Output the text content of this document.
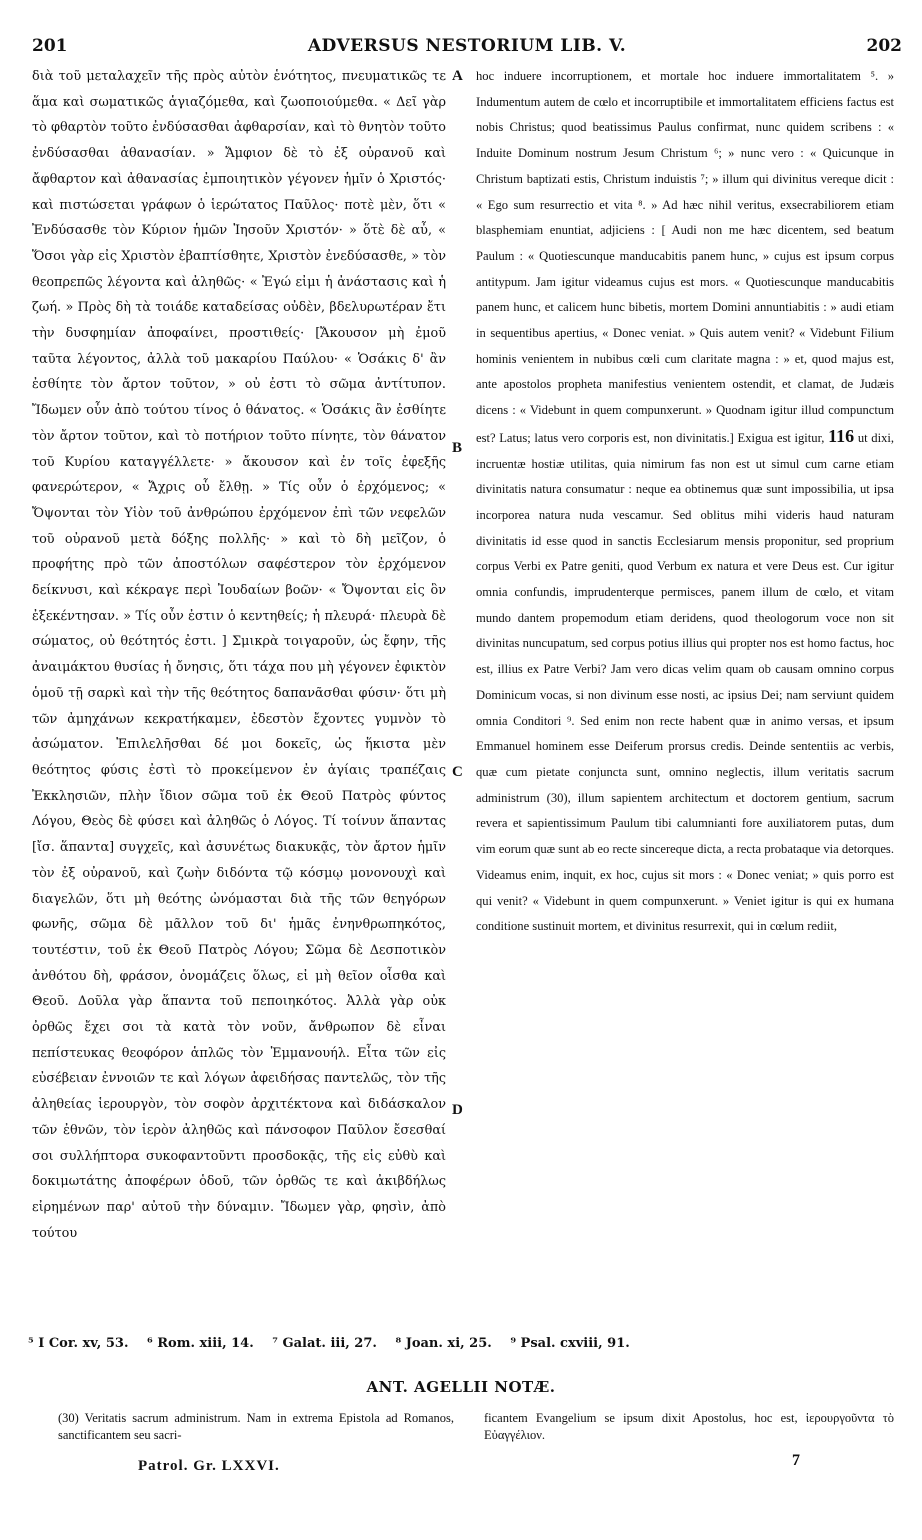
201	ADVERSUS NESTORIUM LIB. V.	202

διὰ τοῦ μεταλαχεῖν τῆς πρὸς αὐτὸν ἑνότητος, πνευματικῶς τε ἅμα καὶ σωματικῶς ἁγιαζόμεθα, καὶ ζωοποιούμεθα. « Δεῖ γὰρ τὸ φθαρτὸν τοῦτο ἐνδύσασθαι ἀφθαρσίαν, καὶ τὸ θνητὸν τοῦτο ἐνδύσασθαι ἀθανασίαν. » Ἄμφιον δὲ τὸ ἐξ οὐρανοῦ καὶ ἄφθαρτον καὶ ἀθανασίας ἐμποιητικὸν γέγονεν ἡμῖν ὁ Χριστός· καὶ πιστώσεται γράφων ὁ ἱερώτατος Παῦλος· ποτὲ μὲν, ὅτι « Ἐνδύσασθε τὸν Κύριον ἡμῶν Ἰησοῦν Χριστόν· » ὅτὲ δὲ αὖ, « Ὅσοι γὰρ εἰς Χριστὸν ἐβαπτίσθητε, Χριστὸν ἐνεδύσασθε, » τὸν θεοπρεπῶς λέγοντα καὶ ἀληθῶς· « Ἐγώ εἰμι ἡ ἀνάστασις καὶ ἡ ζωή. » Πρὸς δὴ τὰ τοιάδε καταδείσας οὐδὲν, βδελυρωτέραν ἔτι τὴν δυσφημίαν ἀποφαίνει, προστιθείς· [Ἄκουσον μὴ ἐμοῦ ταῦτα λέγοντος, ἀλλὰ τοῦ μακαρίου Παύλου· « Ὁσάκις δ' ἂν ἐσθίητε τὸν ἄρτον τοῦτον, » οὐ ἐστι τὸ σῶμα ἀντίτυπον. Ἴδωμεν οὖν ἀπὸ τούτου τίνος ὁ θάνατος. « Ὁσάκις ἂν ἐσθίητε τὸν ἄρτον τοῦτον, καὶ τὸ ποτήριον τοῦτο πίνητε, τὸν θάνατον τοῦ Κυρίου καταγγέλλετε· » ἄκουσον καὶ ἐν τοῖς ἐφεξῆς φανερώτερον, « Ἄχρις οὗ ἔλθῃ. » Τίς οὖν ὁ ἐρχόμενος; « Ὄψονται τὸν Υἱὸν τοῦ ἀνθρώπου ἐρχόμενον ἐπὶ τῶν νεφελῶν τοῦ οὐρανοῦ μετὰ δόξης πολλῆς· » καὶ τὸ δὴ μεῖζον, ὁ προφήτης πρὸ τῶν ἀποστόλων σαφέστερον τὸν ἐρχόμενον δείκνυσι, καὶ κέκραγε περὶ Ἰουδαίων βοῶν· « Ὄψονται εἰς ὃν ἐξεκέντησαν. » Τίς οὖν ἐστιν ὁ κεντηθείς; ἡ πλευρά· πλευρὰ δὲ σώματος, οὐ θεότητός ἐστι. ] Σμικρὰ τοιγαροῦν, ὡς ἔφην, τῆς ἀναιμάκτου θυσίας ἡ ὄνησις, ὅτι τάχα που μὴ γέγονεν ἐφικτὸν ὁμοῦ τῇ σαρκὶ καὶ τὴν τῆς θεότητος δαπανᾶσθαι φύσιν· ὅτι μὴ τῶν ἀμηχάνων κεκρατήκαμεν, ἐδεστὸν ἔχοντες γυμνὸν τὸ ἀσώματον. Ἐπιλελῆσθαι δέ μοι δοκεῖς, ὡς ἥκιστα μὲν θεότητος φύσις ἐστὶ τὸ προκείμενον ἐν ἁγίαις τραπέζαις Ἐκκλησιῶν, πλὴν ἴδιον σῶμα τοῦ ἐκ Θεοῦ Πατρὸς φύντος Λόγου, Θεὸς δὲ φύσει καὶ ἀληθῶς ὁ Λόγος. Τί τοίνυν ἅπαντας [ἴσ. ἅπαντα] συγχεῖς, καὶ ἀσυνέτως διακυκᾷς, τὸν ἄρτον ἡμῖν τὸν ἐξ οὐρανοῦ, καὶ ζωὴν διδόντα τῷ κόσμῳ μονονουχὶ καὶ διαγελῶν, ὅτι μὴ θεότης ὠνόμασται διὰ τῆς τῶν θεηγόρων φωνῆς, σῶμα δὲ μᾶλλον τοῦ δι' ἡμᾶς ἐνηνθρωπηκότος, τουτέστιν, τοῦ ἐκ Θεοῦ Πατρὸς Λόγου; Σῶμα δὲ Δεσποτικὸν ἀνθότου δὴ, φράσον, ὀνομάζεις ὅλως, εἰ μὴ θεῖον οἶσθα καὶ Θεοῦ. Δοῦλα γὰρ ἅπαντα τοῦ πεποιηκότος. Ἀλλὰ γὰρ οὐκ ὀρθῶς ἔχει σοι τὰ κατὰ τὸν νοῦν, ἄνθρωπον δὲ εἶναι πεπίστευκας θεοφόρον ἁπλῶς τὸν Ἐμμανουήλ. Εἶτα τῶν εἰς εὐσέβειαν ἐννοιῶν τε καὶ λόγων ἀφειδήσας παντελῶς, τὸν τῆς ἀληθείας ἱερουργὸν, τὸν σοφὸν ἀρχιτέκτονα καὶ διδάσκαλον τῶν ἐθνῶν, τὸν ἱερὸν ἀληθῶς καὶ πάνσοφον Παῦλον ἔσεσθαί σοι συλλήπτορα συκοφαντοῦντι προσδοκᾷς, τῆς εἰς εὐθὺ καὶ δοκιμωτάτης ἀποφέρων ὁδοῦ, τῶν ὀρθῶς τε καὶ ἀκιβδήλως εἰρημένων παρ' αὐτοῦ τὴν δύναμιν. Ἴδωμεν γὰρ, φησὶν, ἀπὸ τούτου

A
B
C
D

hoc induere incorruptionem, et mortale hoc induere immortalitatem ⁵. » Indumentum autem de cœlo et incorruptibile et immortalitatem efficiens factus est nobis Christus; quod beatissimus Paulus confirmat, nunc quidem scribens : « Induite Dominum nostrum Jesum Christum ⁶; » nunc vero : « Quicunque in Christum baptizati estis, Christum induistis ⁷; » illum qui divinitus vereque dicit : « Ego sum resurrectio et vita ⁸. » Ad hæc nihil veritus, exsecrabiliorem etiam blasphemiam enuntiat, adjiciens : [ Audi non me hæc dicentem, sed beatum Paulum : « Quotiescunque manducabitis panem hunc, » cujus est ipsum corpus antitypum. Jam igitur videamus cujus est mors. « Quotiescunque manducabitis panem hunc, et calicem hunc bibetis, mortem Domini annuntiabitis : » audi etiam in sequentibus apertius, « Donec veniat. » Quis autem venit? « Videbunt Filium hominis venientem in nubibus cœli cum claritate magna : » et, quod majus est, ante apostolos propheta manifestius venientem ostendit, et clamat, de Judæis dicens : « Videbunt in quem compunxerunt. » Quodnam igitur illud compunctum est? Latus; latus vero corporis est, non divinitatis.] Exigua est igitur, 116 ut dixi, incruentæ hostiæ utilitas, quia nimirum fas non est ut simul cum carne etiam divinitatis natura consumatur : neque ea obtinemus quæ sunt impossibilia, ut ipsa incorporea natura nuda vescamur. Sed oblitus mihi videris haud naturam divinitatis id esse quod in sanctis Ecclesiarum mensis proponitur, sed proprium corpus Verbi ex Patre geniti, quod Verbum ex natura et vere Deus est. Cur igitur omnia confundis, imprudenterque permisces, panem illum de cœlo, et vitam mundo dantem propemodum etiam deridens, quod theologorum voce non sit divinitas nuncupatum, sed corpus potius illius qui propter nos est homo factus, hoc est, illius ex Patre Verbi? Jam vero dicas velim quam ob causam omnino corpus Dominicum vocas, si non divinum esse nosti, ac ipsius Dei; nam serviunt quidem omnia Conditori ⁹. Sed enim non recte habent quæ in animo versas, et ipsum Emmanuel hominem esse Deiferum prorsus credis. Deinde sententiis ac verbis, quæ cum pietate conjuncta sunt, omnino neglectis, illum veritatis sacrum administrum (30), illum sapientem architectum et doctorem gentium, sacrum revera et sapientissimum Paulum tibi calumnianti fore auxiliatorem putas, dum vim eorum quæ sunt ab eo recte sincereque dicta, a recta probataque via detorques. Videamus enim, inquit, ex hoc, cujus sit mors : « Donec veniat; » quis porro est qui venit? « Videbunt in quem compunxerunt. » Veniet igitur is qui ex humana conditione sustinuit mortem, et divinitus resurrexit, qui in cœlum rediit,

⁵ I Cor. xv, 53. ⁶ Rom. xiii, 14. ⁷ Galat. iii, 27. ⁸ Joan. xi, 25. ⁹ Psal. cxviii, 91.
ANT. AGELLII NOTÆ.

(30) Veritatis sacrum administrum. Nam in extrema Epistola ad Romanos, sanctificantem seu sacri-

ficantem Evangelium se ipsum dixit Apostolus, hoc est, ἱερουργοῦντα τὸ Εὐαγγέλιον.

Patrol. Gr. LXXVI.	7
